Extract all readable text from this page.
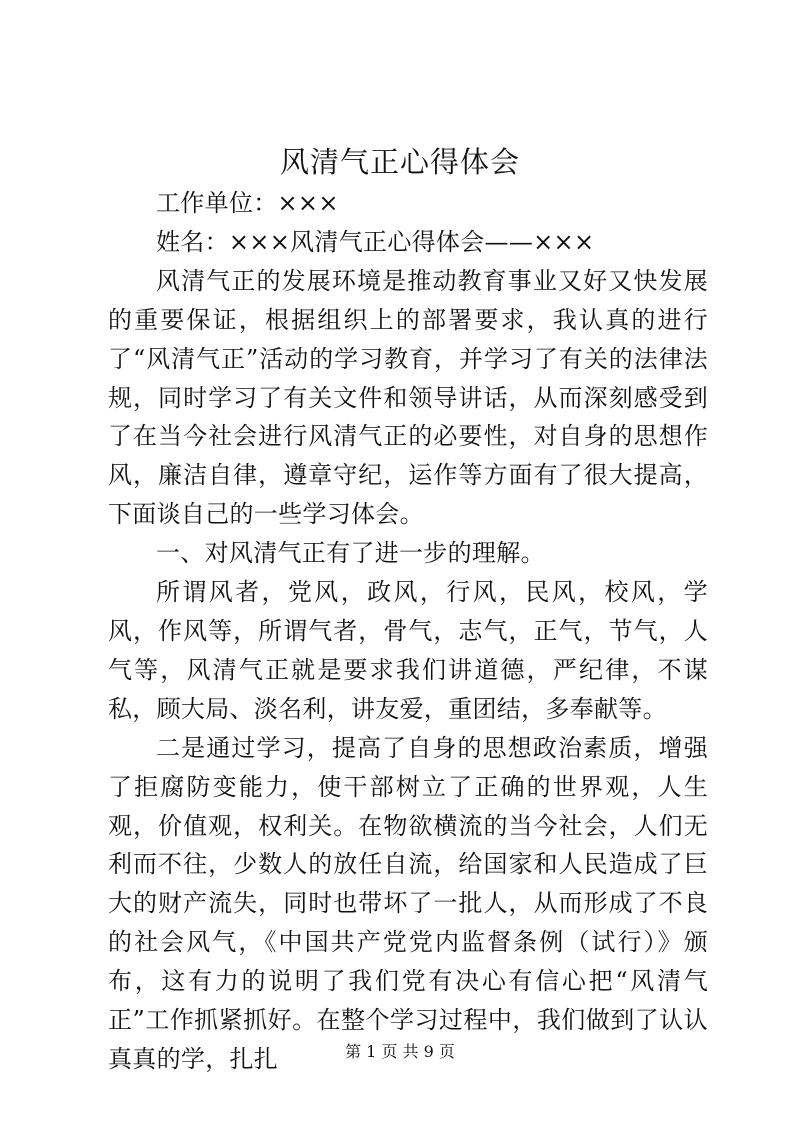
风清气正心得体会

工作单位：×××

姓名：×××风清气正心得体会——×××

风清气正的发展环境是推动教育事业又好又快发展的重要保证，根据组织上的部署要求，我认真的进行了“风清气正”活动的学习教育，并学习了有关的法律法规，同时学习了有关文件和领导讲话，从而深刻感受到了在当今社会进行风清气正的必要性，对自身的思想作风，廉洁自律，遵章守纪，运作等方面有了很大提高，下面谈自己的一些学习体会。

一、对风清气正有了进一步的理解。

所谓风者，党风，政风，行风，民风，校风，学风，作风等，所谓气者，骨气，志气，正气，节气，人气等，风清气正就是要求我们讲道德，严纪律，不谋私，顾大局、淡名利，讲友爱，重团结，多奉献等。

二是通过学习，提高了自身的思想政治素质，增强了拒腐防变能力，使干部树立了正确的世界观，人生观，价值观，权利关。在物欲横流的当今社会，人们无利而不往，少数人的放任自流，给国家和人民造成了巨大的财产流失，同时也带坏了一批人，从而形成了不良的社会风气，《中国共产党党内监督条例（试行）》颁布，这有力的说明了我们党有决心有信心把“风清气正”工作抓紧抓好。在整个学习过程中，我们做到了认认真真的学，扎扎	第 1 页 共 9 页
